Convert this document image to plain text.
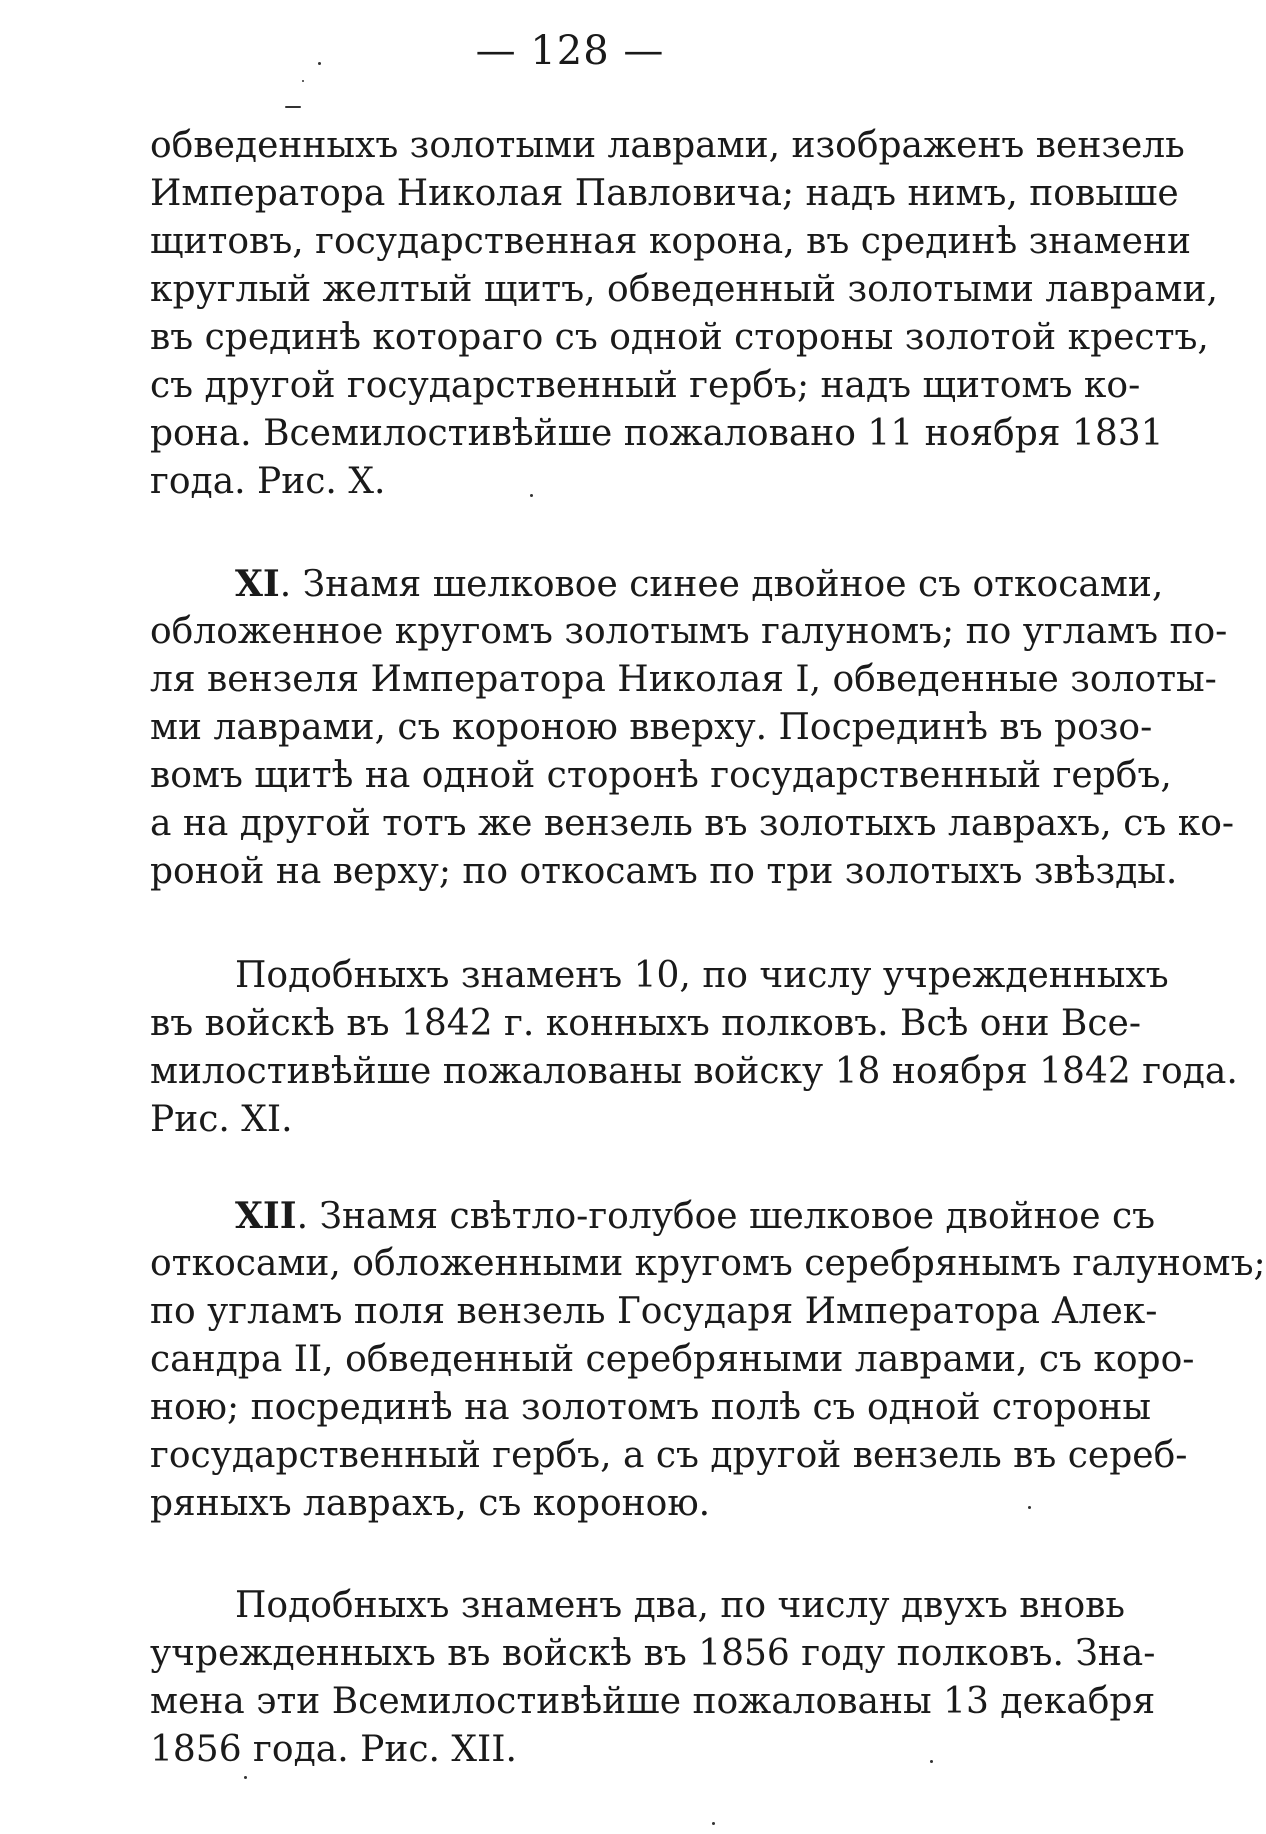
— 128 —
обведенныхъ золотыми лаврами, изображенъ вензель
Императора Николая Павловича; надъ нимъ, повыше
щитовъ, государственная корона, въ срединѣ знамени
круглый желтый щитъ, обведенный золотыми лаврами,
въ срединѣ котораго съ одной стороны золотой крестъ,
съ другой государственный гербъ; надъ щитомъ ко-
рона. Всемилостивѣйше пожаловано 11 ноября 1831
года. Рис. X.
XI. Знамя шелковое синее двойное съ откосами,
обложенное кругомъ золотымъ галуномъ; по угламъ по-
ля вензеля Императора Николая I, обведенные золоты-
ми лаврами, съ короною вверху. Посрединѣ въ розо-
вомъ щитѣ на одной сторонѣ государственный гербъ,
а на другой тотъ же вензель въ золотыхъ лаврахъ, съ ко-
роной на верху; по откосамъ по три золотыхъ звѣзды.
Подобныхъ знаменъ 10, по числу учрежденныхъ
въ войскѣ въ 1842 г. конныхъ полковъ. Всѣ они Все-
милостивѣйше пожалованы войску 18 ноября 1842 года.
Рис. XI.
XII. Знамя свѣтло-голубое шелковое двойное съ
откосами, обложенными кругомъ серебрянымъ галуномъ;
по угламъ поля вензель Государя Императора Алек-
сандра II, обведенный серебряными лаврами, съ коро-
ною; посрединѣ на золотомъ полѣ съ одной стороны
государственный гербъ, а съ другой вензель въ сереб-
ряныхъ лаврахъ, съ короною.
Подобныхъ знаменъ два, по числу двухъ вновь
учрежденныхъ въ войскѣ въ 1856 году полковъ. Зна-
мена эти Всемилостивѣйше пожалованы 13 декабря
1856 года. Рис. XII.
